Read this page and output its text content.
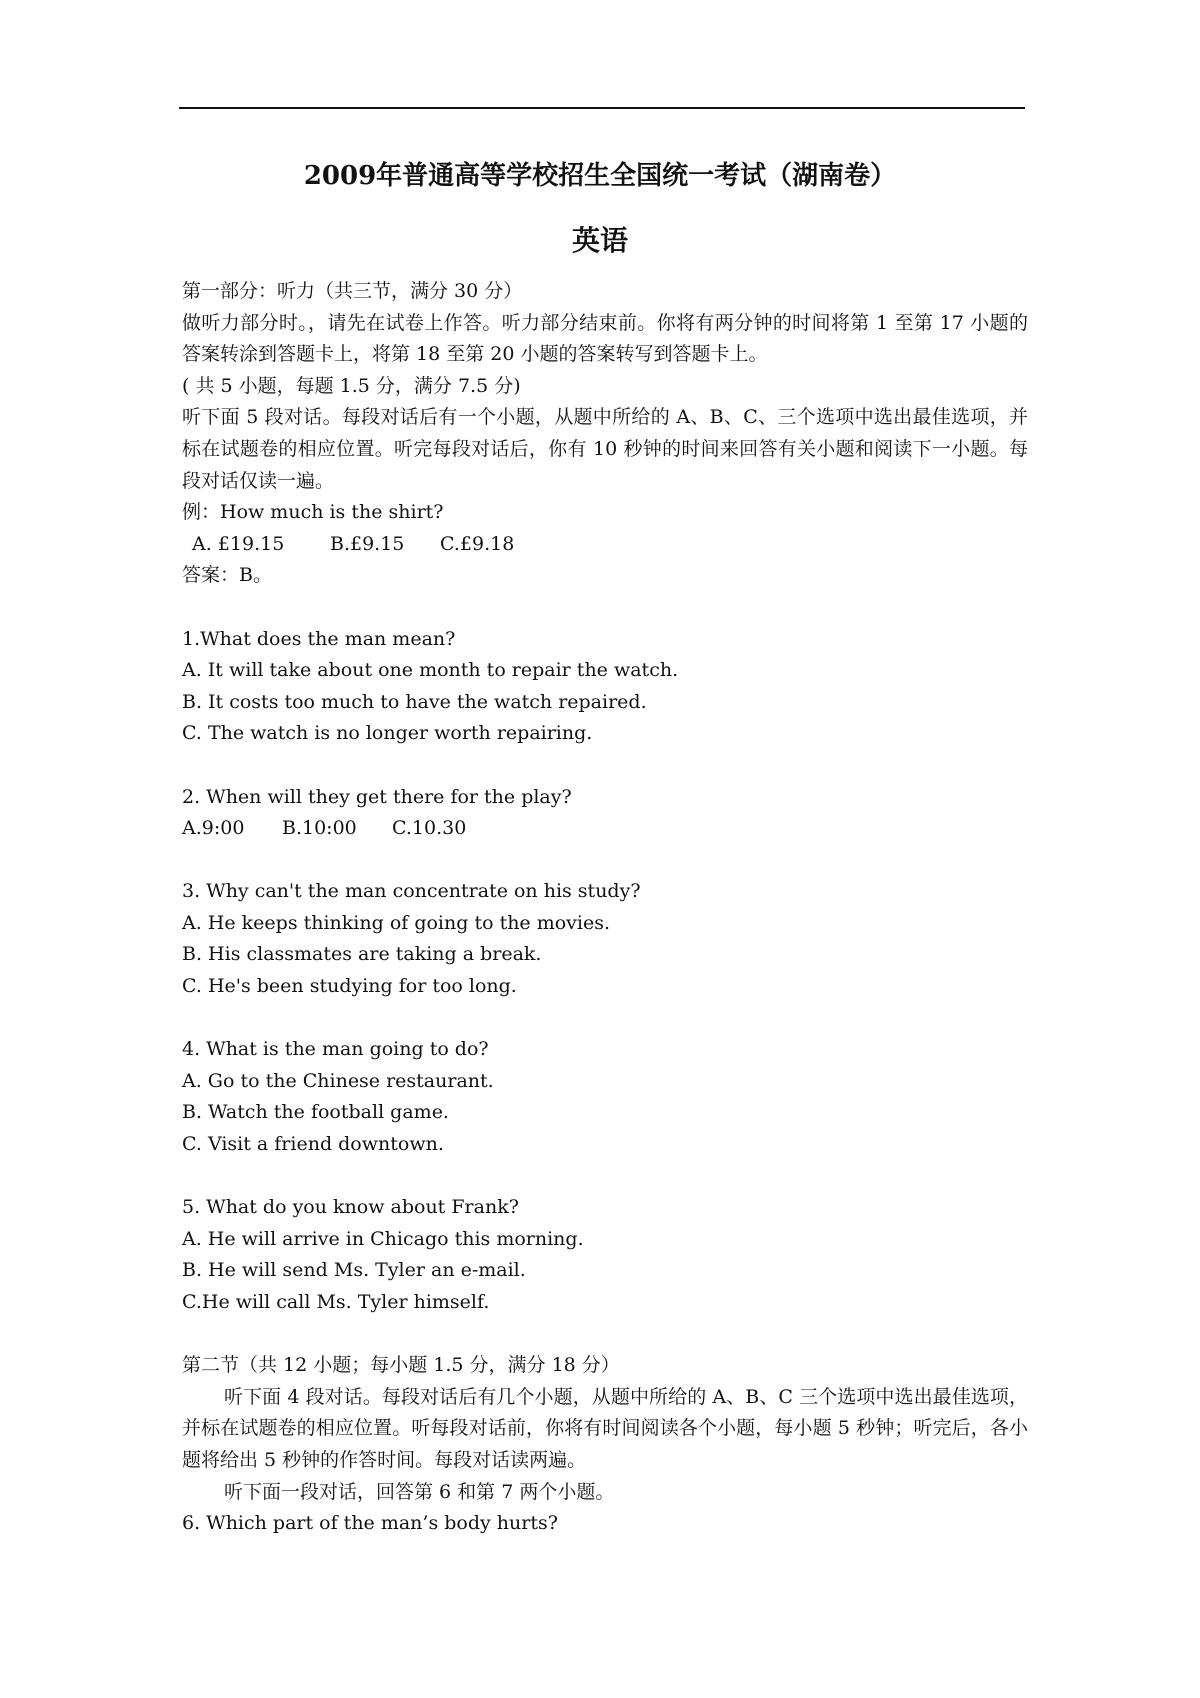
2009年普通高等学校招生全国统一考试（湖南卷）
英语
第一部分：听力（共三节，满分 30 分）
做听力部分时。，请先在试卷上作答。听力部分结束前。你将有两分钟的时间将第 1 至第 17 小题的答案转涂到答题卡上，将第 18 至第 20 小题的答案转写到答题卡上。
( 共 5 小题，每题 1.5 分，满分 7.5 分)
听下面 5 段对话。每段对话后有一个小题，从题中所给的 A、B、C、三个选项中选出最佳选项，并标在试题卷的相应位置。听完每段对话后，你有 10 秒钟的时间来回答有关小题和阅读下一小题。每段对话仅读一遍。
例：How much is the shirt?
A. £19.15 B.£9.15 C.£9.18
答案：B。
1.What does the man mean?
A. It will take about one month to repair the watch.
B. It costs too much to have the watch repaired.
C. The watch is no longer worth repairing.
2. When will they get there for the play?
A.9:00 B.10:00 C.10.30
3. Why can't the man concentrate on his study?
A. He keeps thinking of going to the movies.
B. His classmates are taking a break.
C. He's been studying for too long.
4. What is the man going to do?
A. Go to the Chinese restaurant.
B. Watch the football game.
C. Visit a friend downtown.
5. What do you know about Frank?
A. He will arrive in Chicago this morning.
B. He will send Ms. Tyler an e-mail.
C.He will call Ms. Tyler himself.
第二节（共 12 小题；每小题 1.5 分，满分 18 分）
听下面 4 段对话。每段对话后有几个小题，从题中所给的 A、B、C 三个选项中选出最佳选项，并标在试题卷的相应位置。听每段对话前，你将有时间阅读各个小题，每小题 5 秒钟；听完后，各小题将给出 5 秒钟的作答时间。每段对话读两遍。
听下面一段对话，回答第 6 和第 7 两个小题。
6. Which part of the man’s body hurts?
